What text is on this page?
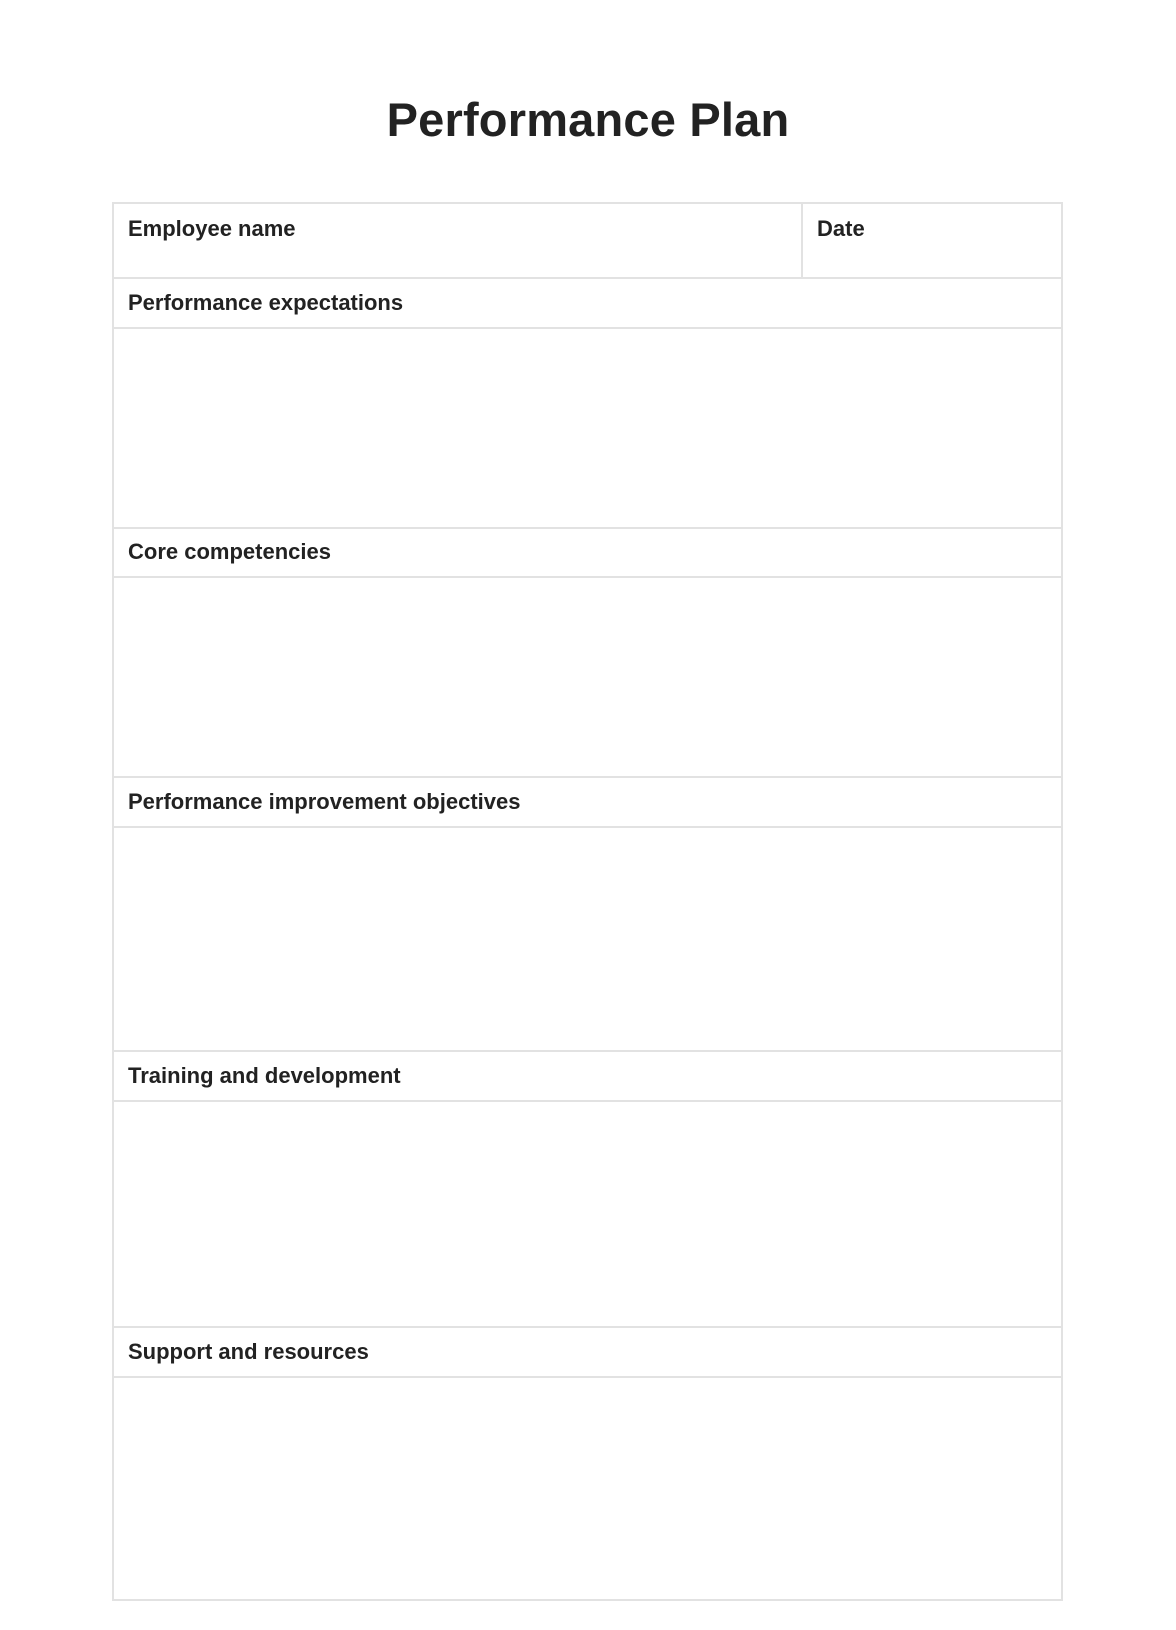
Performance Plan
Employee name	Date
Performance expectations
Core competencies
Performance improvement objectives
Training and development
Support and resources
